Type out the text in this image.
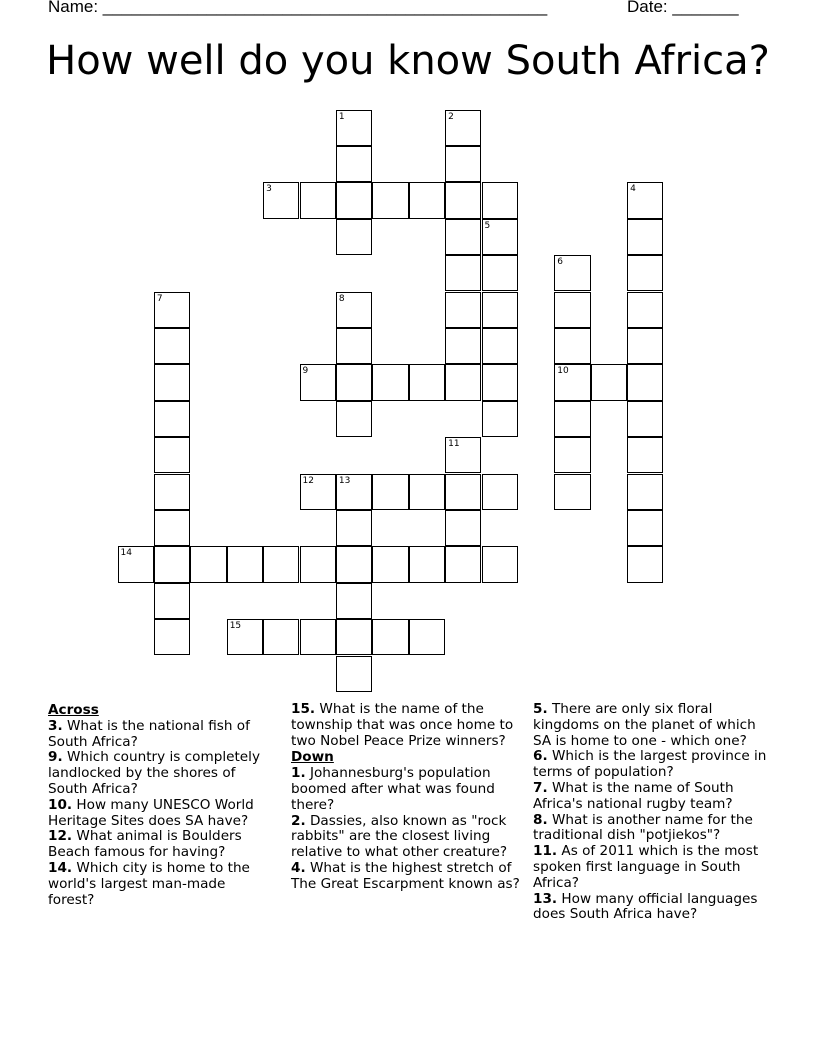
Name: _______________________________________________	Date: _______
How well do you know South Africa?
1	2
3	4
5
6
7	8
9	10
11
12	13
14
15
Across
3. What is the national fish of South Africa?
9. Which country is completely landlocked by the shores of South Africa?
10. How many UNESCO World Heritage Sites does SA have?
12. What animal is Boulders Beach famous for having?
14. Which city is home to the world's largest man-made forest?
15. What is the name of the township that was once home to two Nobel Peace Prize winners?
Down
1. Johannesburg's population boomed after what was found there?
2. Dassies, also known as "rock rabbits" are the closest living relative to what other creature?
4. What is the highest stretch of The Great Escarpment known as?
5. There are only six floral kingdoms on the planet of which SA is home to one - which one?
6. Which is the largest province in terms of population?
7. What is the name of South Africa's national rugby team?
8. What is another name for the traditional dish "potjiekos"?
11. As of 2011 which is the most spoken first language in South Africa?
13. How many official languages does South Africa have?
